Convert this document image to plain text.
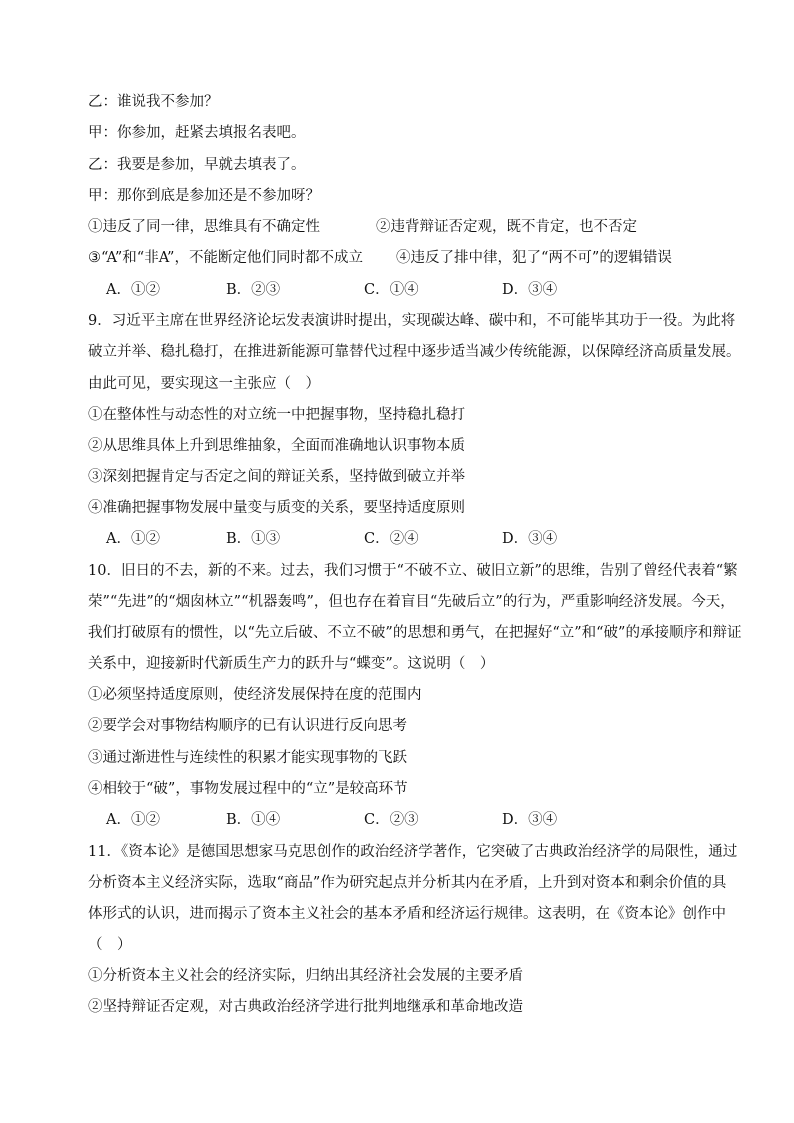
乙：谁说我不参加？
甲：你参加，赶紧去填报名表吧。
乙：我要是参加，早就去填表了。
甲：那你到底是参加还是不参加呀？
①违反了同一律，思维具有不确定性	②违背辩证否定观，既不肯定，也不否定
③“A”和“非A”，不能断定他们同时都不成立 ④违反了排中律，犯了“两不可”的逻辑错误
A．①②	B．②③	C．①④	D．③④
9．习近平主席在世界经济论坛发表演讲时提出，实现碳达峰、碳中和，不可能毕其功于一役。为此将
破立并举、稳扎稳打，在推进新能源可靠替代过程中逐步适当减少传统能源，以保障经济高质量发展。
由此可见，要实现这一主张应（　）
①在整体性与动态性的对立统一中把握事物，坚持稳扎稳打
②从思维具体上升到思维抽象，全面而准确地认识事物本质
③深刻把握肯定与否定之间的辩证关系，坚持做到破立并举
④准确把握事物发展中量变与质变的关系，要坚持适度原则
A．①②	B．①③	C．②④	D．③④
10．旧日的不去，新的不来。过去，我们习惯于“不破不立、破旧立新”的思维，告别了曾经代表着“繁
荣”“先进”的“烟囱林立”“机器轰鸣”，但也存在着盲目“先破后立”的行为，严重影响经济发展。今天，
我们打破原有的惯性，以“先立后破、不立不破”的思想和勇气，在把握好“立”和“破”的承接顺序和辩证
关系中，迎接新时代新质生产力的跃升与“蝶变”。这说明（　）
①必须坚持适度原则，使经济发展保持在度的范围内
②要学会对事物结构顺序的已有认识进行反向思考
③通过渐进性与连续性的积累才能实现事物的飞跃
④相较于“破”，事物发展过程中的“立”是较高环节
A．①②	B．①④	C．②③	D．③④
11．《资本论》是德国思想家马克思创作的政治经济学著作，它突破了古典政治经济学的局限性，通过
分析资本主义经济实际，选取“商品”作为研究起点并分析其内在矛盾，上升到对资本和剩余价值的具
体形式的认识，进而揭示了资本主义社会的基本矛盾和经济运行规律。这表明，在《资本论》创作中
（　）
①分析资本主义社会的经济实际，归纳出其经济社会发展的主要矛盾
②坚持辩证否定观，对古典政治经济学进行批判地继承和革命地改造
